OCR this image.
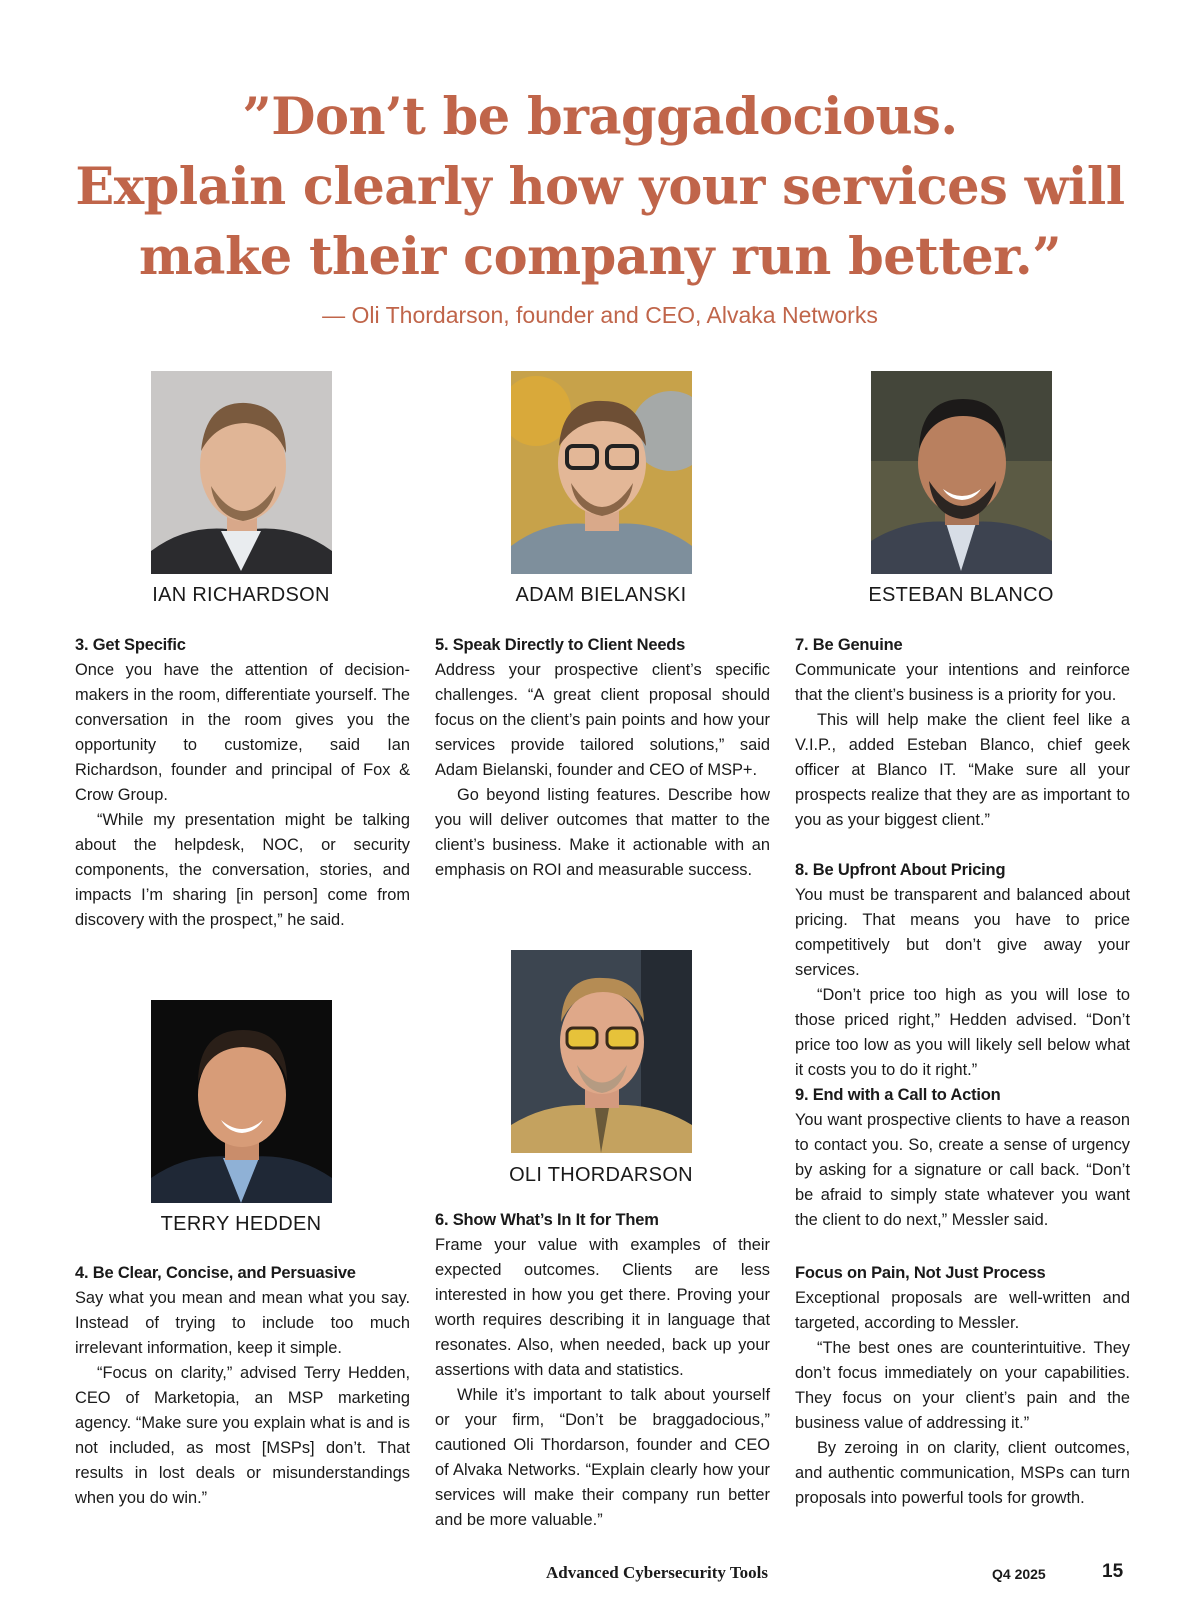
”Don’t be braggadocious.
Explain clearly how your services will
make their company run better.”
— Oli Thordarson, founder and CEO, Alvaka Networks
IAN RICHARDSON	ADAM BIELANSKI	ESTEBAN BLANCO
TERRY HEDDEN
OLI THORDARSON
3. Get Specific

Once you have the attention of decision-makers in the room, differentiate yourself. The conversation in the room gives you the opportunity to customize, said Ian Richardson, founder and principal of Fox & Crow Group.

“While my presentation might be talking about the helpdesk, NOC, or security components, the conversation, stories, and impacts I’m sharing [in person] come from discovery with the prospect,” he said.

4. Be Clear, Concise, and Persuasive

Say what you mean and mean what you say. Instead of trying to include too much irrelevant information, keep it simple.

“Focus on clarity,” advised Terry Hedden, CEO of Marketopia, an MSP marketing agency. “Make sure you explain what is and is not included, as most [MSPs] don’t. That results in lost deals or misunderstandings when you do win.”

5. Speak Directly to Client Needs

Address your prospective client’s specific challenges. “A great client proposal should focus on the client’s pain points and how your services provide tailored solutions,” said Adam Bielanski, founder and CEO of MSP+.

Go beyond listing features. Describe how you will deliver outcomes that matter to the client’s business. Make it actionable with an emphasis on ROI and measurable success.

6. Show What’s In It for Them

Frame your value with examples of their expected outcomes. Clients are less interested in how you get there. Proving your worth requires describing it in language that resonates. Also, when needed, back up your assertions with data and statistics.

While it’s important to talk about yourself or your firm, “Don’t be braggadocious,” cautioned Oli Thordarson, founder and CEO of Alvaka Networks. “Explain clearly how your services will make their company run better and be more valuable.”

7. Be Genuine

Communicate your intentions and reinforce that the client’s business is a priority for you.

This will help make the client feel like a V.I.P., added Esteban Blanco, chief geek officer at Blanco IT. “Make sure all your prospects realize that they are as important to you as your biggest client.”

8. Be Upfront About Pricing

You must be transparent and balanced about pricing. That means you have to price competitively but don’t give away your services.

“Don’t price too high as you will lose to those priced right,” Hedden advised. “Don’t price too low as you will likely sell below what it costs you to do it right.”

9. End with a Call to Action

You want prospective clients to have a reason to contact you. So, create a sense of urgency by asking for a signature or call back. “Don’t be afraid to simply state whatever you want the client to do next,” Messler said.

Focus on Pain, Not Just Process

Exceptional proposals are well-written and targeted, according to Messler.

“The best ones are counterintuitive. They don’t focus immediately on your capabilities. They focus on your client’s pain and the business value of addressing it.”

By zeroing in on clarity, client outcomes, and authentic communication, MSPs can turn proposals into powerful tools for growth.

Advanced Cybersecurity Tools	Q4 2025	15
